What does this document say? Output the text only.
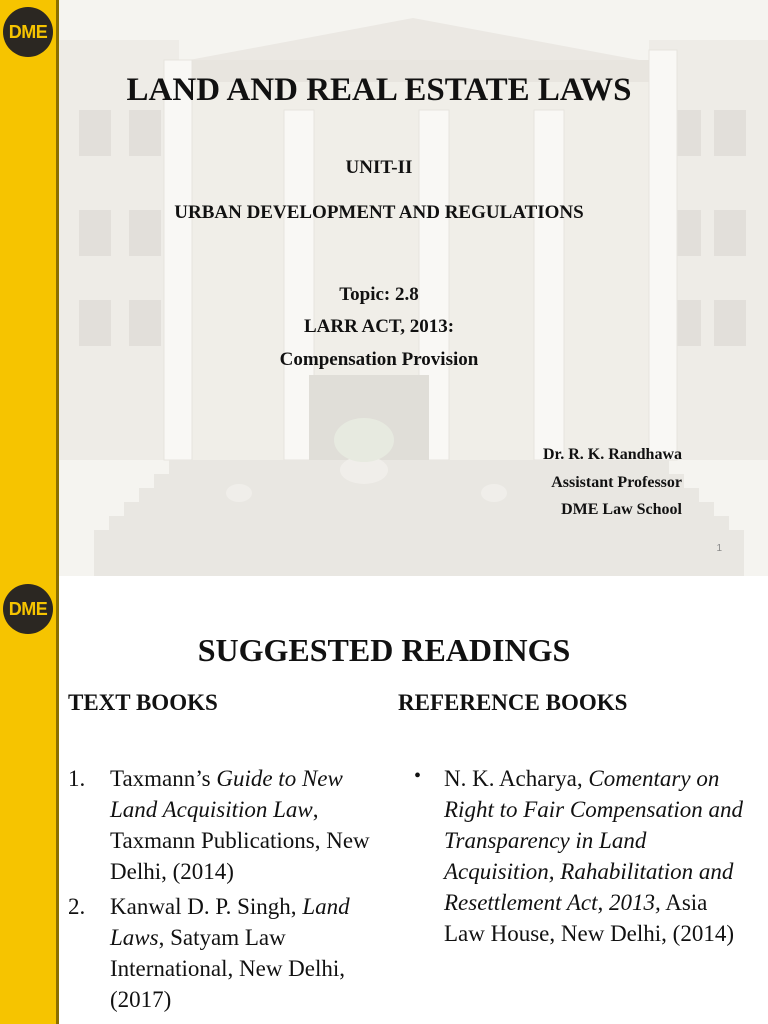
DME
LAND AND REAL ESTATE LAWS
UNIT-II
URBAN DEVELOPMENT AND REGULATIONS
Topic: 2.8
LARR ACT, 2013:
Compensation Provision
Dr. R. K. Randhawa
Assistant Professor
DME Law School
1
DME
SUGGESTED READINGS
TEXT BOOKS	REFERENCE BOOKS
1. Taxmann’s Guide to New Land Acquisition Law, Taxmann Publications, New Delhi, (2014)
2. Kanwal D. P. Singh, Land Laws, Satyam Law International, New Delhi, (2017)
• N. K. Acharya, Comentary on Right to Fair Compensation and Transparency in Land Acquisition, Rahabilitation and Resettlement Act, 2013, Asia Law House, New Delhi, (2014)
